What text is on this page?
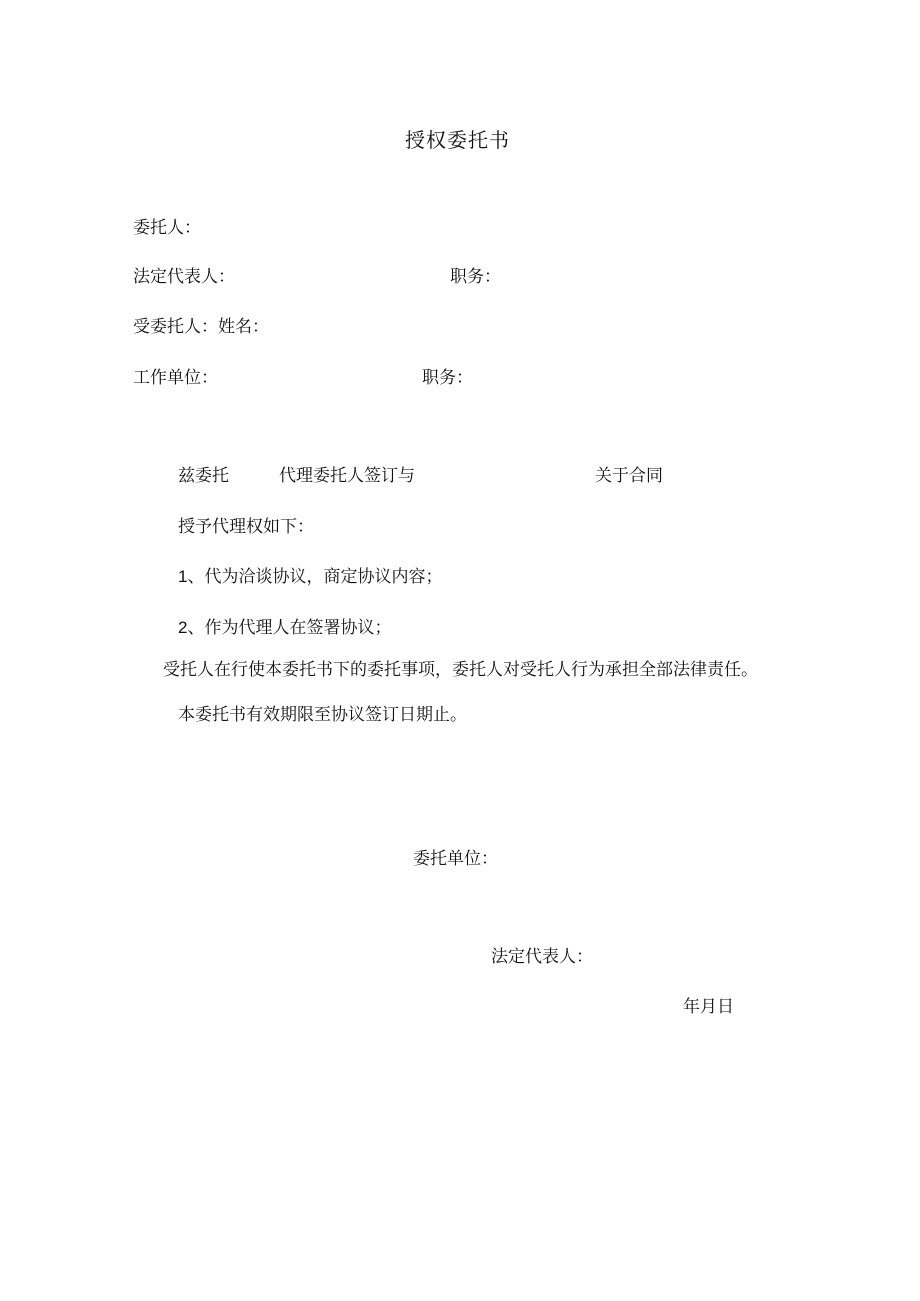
授权委托书
委托人：
法定代表人：	职务：
受委托人：姓名：
工作单位：	职务：
兹委托	代理委托人签订与	关于合同
授予代理权如下：
1、代为洽谈协议，商定协议内容；
2、作为代理人在签署协议；
受托人在行使本委托书下的委托事项，委托人对受托人行为承担全部法律责任。
本委托书有效期限至协议签订日期止。
委托单位：
法定代表人：
年月日
